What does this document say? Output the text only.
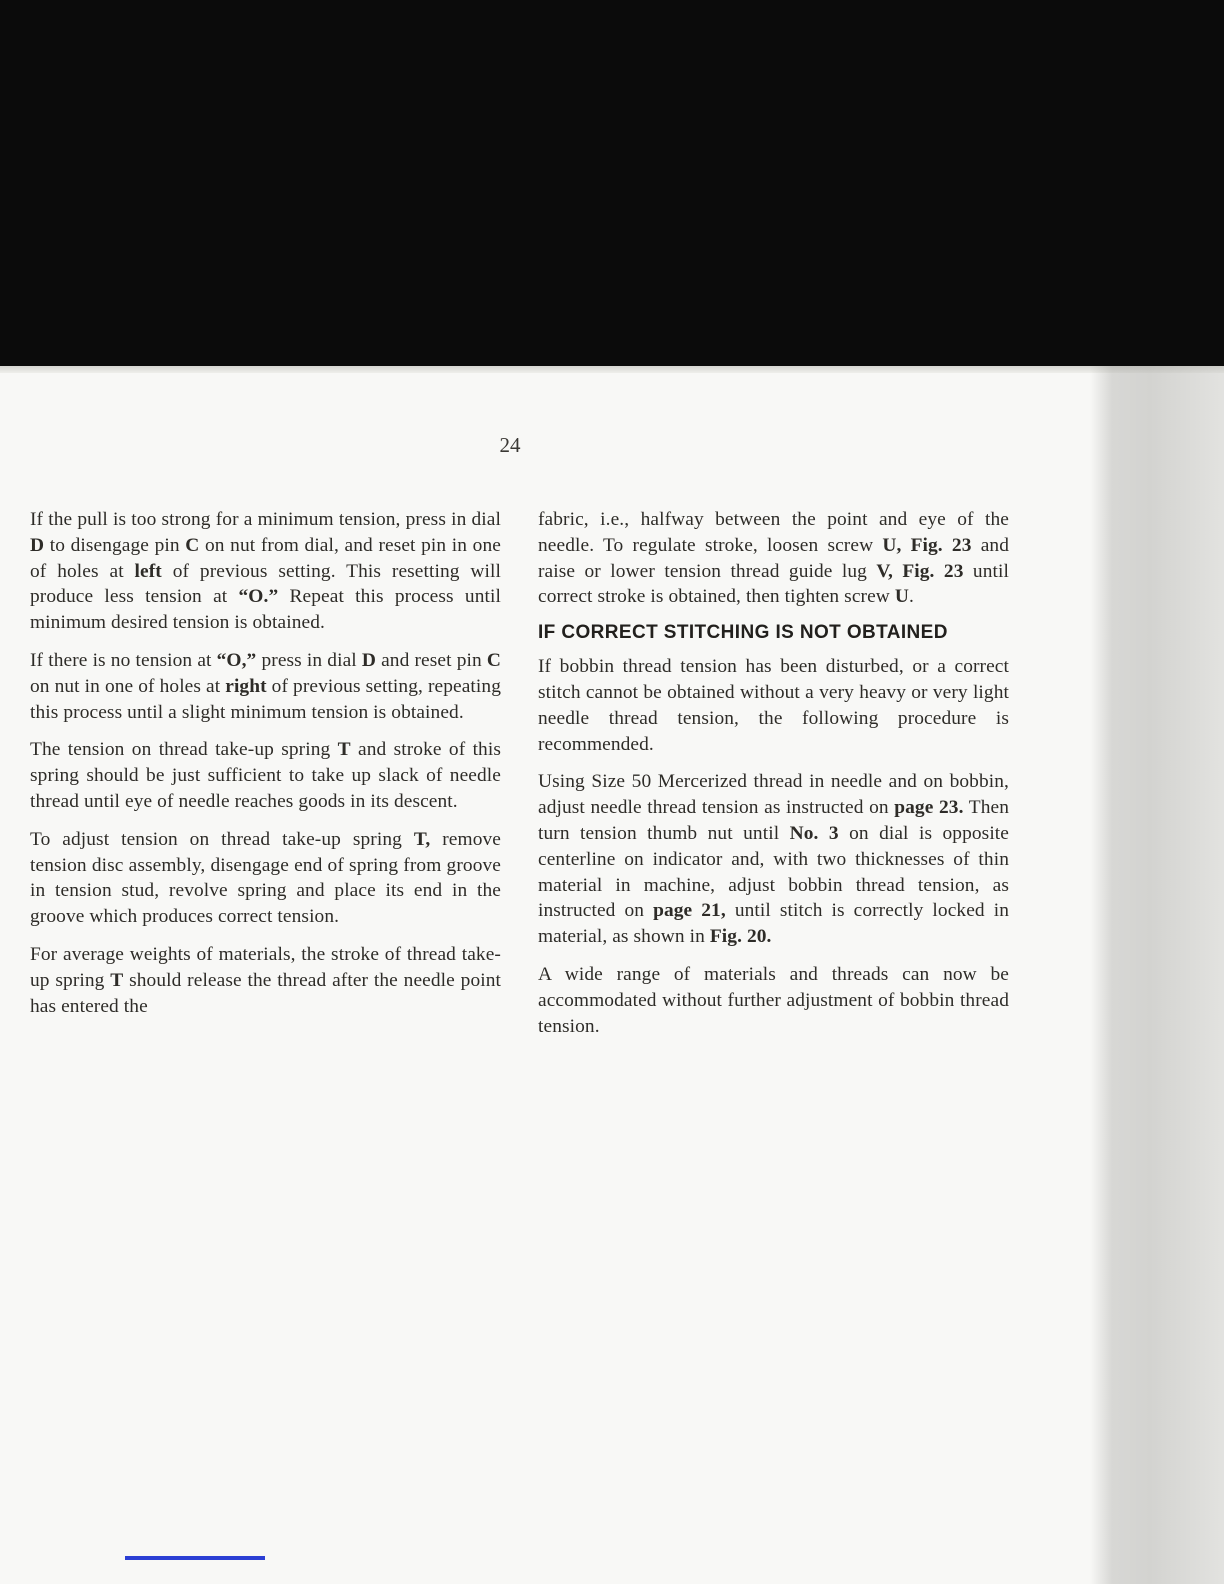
24

If the pull is too strong for a minimum tension, press in dial D to disengage pin C on nut from dial, and reset pin in one of holes at left of previous setting. This resetting will produce less tension at “O.” Repeat this process until minimum desired tension is obtained.

If there is no tension at “O,” press in dial D and reset pin C on nut in one of holes at right of previous setting, repeating this process until a slight minimum tension is obtained.

The tension on thread take-up spring T and stroke of this spring should be just sufficient to take up slack of needle thread until eye of needle reaches goods in its descent.

To adjust tension on thread take-up spring T, remove tension disc assembly, disengage end of spring from groove in tension stud, revolve spring and place its end in the groove which produces correct tension.

For average weights of materials, the stroke of thread take-up spring T should release the thread after the needle point has entered the

fabric, i.e., halfway between the point and eye of the needle. To regulate stroke, loosen screw U, Fig. 23 and raise or lower tension thread guide lug V, Fig. 23 until correct stroke is obtained, then tighten screw U.

IF CORRECT STITCHING IS NOT OBTAINED

If bobbin thread tension has been disturbed, or a correct stitch cannot be obtained without a very heavy or very light needle thread tension, the following procedure is recommended.

Using Size 50 Mercerized thread in needle and on bobbin, adjust needle thread tension as instructed on page 23. Then turn tension thumb nut until No. 3 on dial is opposite centerline on indicator and, with two thicknesses of thin material in machine, adjust bobbin thread tension, as instructed on page 21, until stitch is correctly locked in material, as shown in Fig. 20.

A wide range of materials and threads can now be accommodated without further adjustment of bobbin thread tension.
